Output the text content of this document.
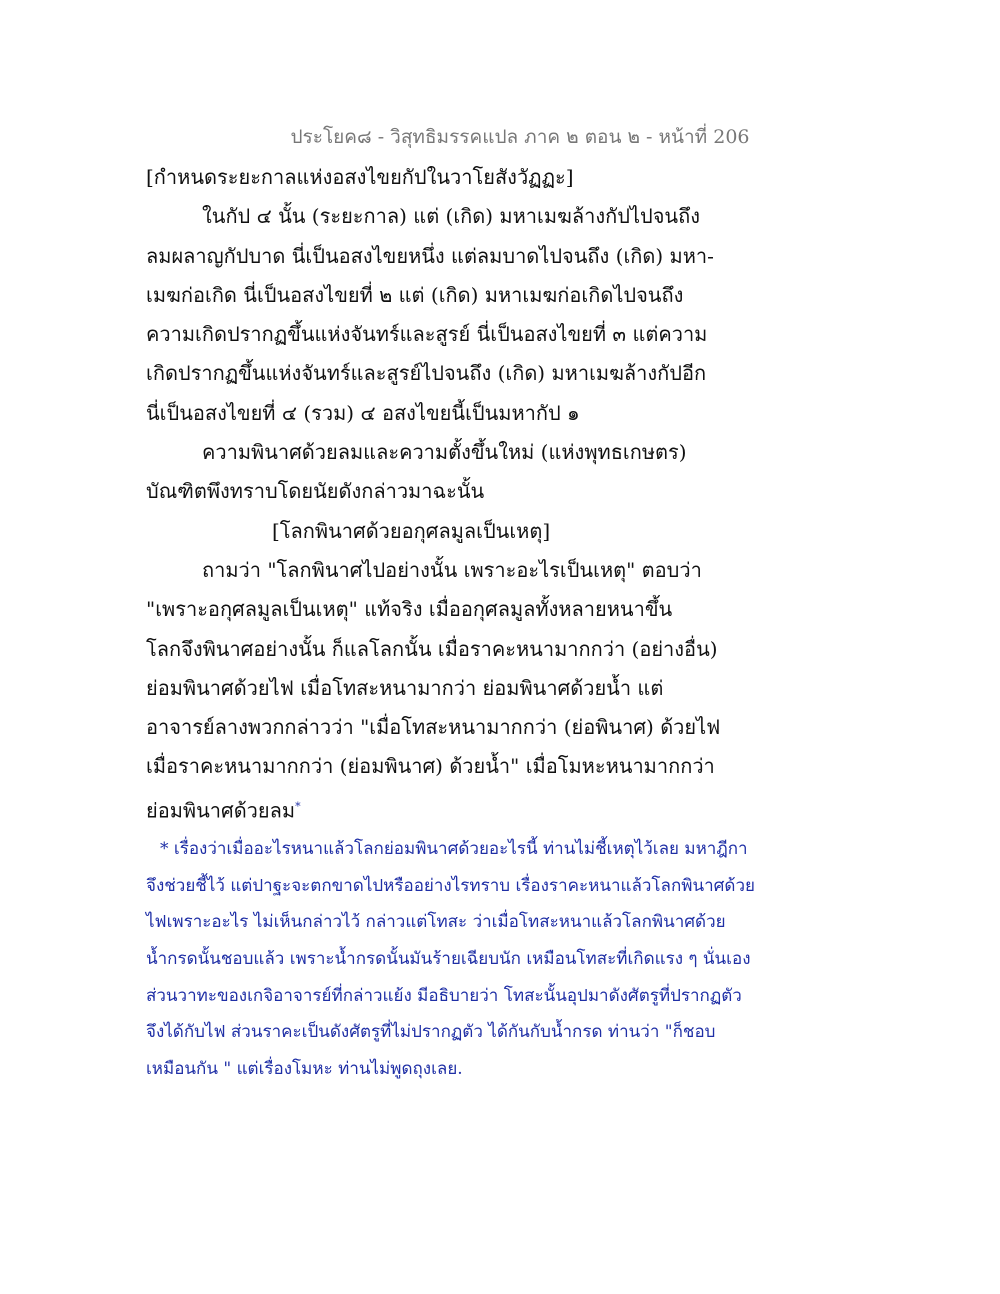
ประโยค๘ - วิสุทธิมรรคแปล ภาค ๒ ตอน ๒ - หน้าที่ 206
[กำหนดระยะกาลแห่งอสงไขยกัปในวาโยสังวัฏฏะ]
ในกัป ๔ นั้น (ระยะกาล) แต่ (เกิด) มหาเมฆล้างกัปไปจนถึง
ลมผลาญกัปบาด นี่เป็นอสงไขยหนึ่ง แต่ลมบาดไปจนถึง (เกิด) มหา-
เมฆก่อเกิด นี่เป็นอสงไขยที่ ๒ แต่ (เกิด) มหาเมฆก่อเกิดไปจนถึง
ความเกิดปรากฏขึ้นแห่งจันทร์และสูรย์ นี่เป็นอสงไขยที่ ๓ แต่ความ
เกิดปรากฏขึ้นแห่งจันทร์และสูรย์ไปจนถึง (เกิด) มหาเมฆล้างกัปอีก
นี่เป็นอสงไขยที่ ๔ (รวม) ๔ อสงไขยนี้เป็นมหากัป ๑
ความพินาศด้วยลมและความตั้งขึ้นใหม่ (แห่งพุทธเกษตร)
บัณฑิตพึงทราบโดยนัยดังกล่าวมาฉะนั้น
[โลกพินาศด้วยอกุศลมูลเป็นเหตุ]
ถามว่า "โลกพินาศไปอย่างนั้น เพราะอะไรเป็นเหตุ" ตอบว่า
"เพราะอกุศลมูลเป็นเหตุ" แท้จริง เมื่ออกุศลมูลทั้งหลายหนาขึ้น
โลกจึงพินาศอย่างนั้น ก็แลโลกนั้น เมื่อราคะหนามากกว่า (อย่างอื่น)
ย่อมพินาศด้วยไฟ เมื่อโทสะหนามากว่า ย่อมพินาศด้วยน้ำ แต่
อาจารย์ลางพวกกล่าวว่า "เมื่อโทสะหนามากกว่า (ย่อพินาศ) ด้วยไฟ
เมื่อราคะหนามากกว่า (ย่อมพินาศ) ด้วยน้ำ" เมื่อโมหะหนามากกว่า
ย่อมพินาศด้วยลม*
* เรื่องว่าเมื่ออะไรหนาแล้วโลกย่อมพินาศด้วยอะไรนี้ ท่านไม่ชี้เหตุไว้เลย มหาฎีกา
จึงช่วยชี้ไว้ แต่ปาฐะจะตกขาดไปหรืออย่างไรทราบ เรื่องราคะหนาแล้วโลกพินาศด้วย
ไฟเพราะอะไร ไม่เห็นกล่าวไว้ กล่าวแต่โทสะ ว่าเมื่อโทสะหนาแล้วโลกพินาศด้วย
น้ำกรดนั้นชอบแล้ว เพราะน้ำกรดนั้นมันร้ายเฉียบนัก เหมือนโทสะที่เกิดแรง ๆ นั่นเอง
ส่วนวาทะของเกจิอาจารย์ที่กล่าวแย้ง มีอธิบายว่า โทสะนั้นอุปมาดังศัตรูที่ปรากฏตัว
จึงได้กับไฟ ส่วนราคะเป็นดังศัตรูที่ไม่ปรากฏตัว ได้กันกับน้ำกรด ท่านว่า "ก็ชอบ
เหมือนกัน " แต่เรื่องโมหะ ท่านไม่พูดถุงเลย.
